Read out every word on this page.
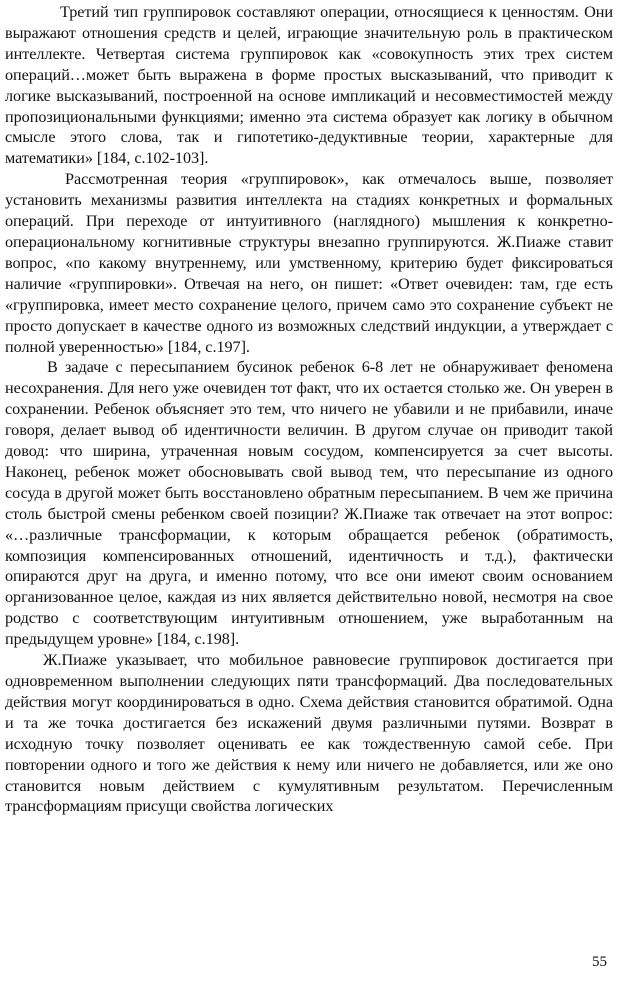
Третий тип группировок составляют операции, относящиеся к ценностям. Они выражают отношения средств и целей, играющие значительную роль в практическом интеллекте. Четвертая система группировок как «совокупность этих трех систем операций…может быть выражена в форме простых высказываний, что приводит к логике высказываний, построенной на основе импликаций и несовместимостей между пропозициональными функциями; именно эта система образует как логику в обычном смысле этого слова, так и гипотетико-дедуктивные теории, характерные для математики» [184, с.102-103].

Рассмотренная теория «группировок», как отмечалось выше, позволяет установить механизмы развития интеллекта на стадиях конкретных и формальных операций. При переходе от интуитивного (наглядного) мышления к конкретно-операциональному когнитивные структуры внезапно группируются. Ж.Пиаже ставит вопрос, «по какому внутреннему, или умственному, критерию будет фиксироваться наличие «группировки». Отвечая на него, он пишет: «Ответ очевиден: там, где есть «группировка, имеет место сохранение целого, причем само это сохранение субъект не просто допускает в качестве одного из возможных следствий индукции, а утверждает с полной уверенностью» [184, с.197].

В задаче с пересыпанием бусинок ребенок 6-8 лет не обнаруживает феномена несохранения. Для него уже очевиден тот факт, что их остается столько же. Он уверен в сохранении. Ребенок объясняет это тем, что ничего не убавили и не прибавили, иначе говоря, делает вывод об идентичности величин. В другом случае он приводит такой довод: что ширина, утраченная новым сосудом, компенсируется за счет высоты. Наконец, ребенок может обосновывать свой вывод тем, что пересыпание из одного сосуда в другой может быть восстановлено обратным пересыпанием. В чем же причина столь быстрой смены ребенком своей позиции? Ж.Пиаже так отвечает на этот вопрос: «…различные трансформации, к которым обращается ребенок (обратимость, композиция компенсированных отношений, идентичность и т.д.), фактически опираются друг на друга, и именно потому, что все они имеют своим основанием организованное целое, каждая из них является действительно новой, несмотря на свое родство с соответствующим интуитивным отношением, уже выработанным на предыдущем уровне» [184, с.198].

Ж.Пиаже указывает, что мобильное равновесие группировок достигается при одновременном выполнении следующих пяти трансформаций. Два последовательных действия могут координироваться в одно. Схема действия становится обратимой. Одна и та же точка достигается без искажений двумя различными путями. Возврат в исходную точку позволяет оценивать ее как тождественную самой себе. При повторении одного и того же действия к нему или ничего не добавляется, или же оно становится новым действием с кумулятивным результатом. Перечисленным трансформациям присущи свойства логических

55
